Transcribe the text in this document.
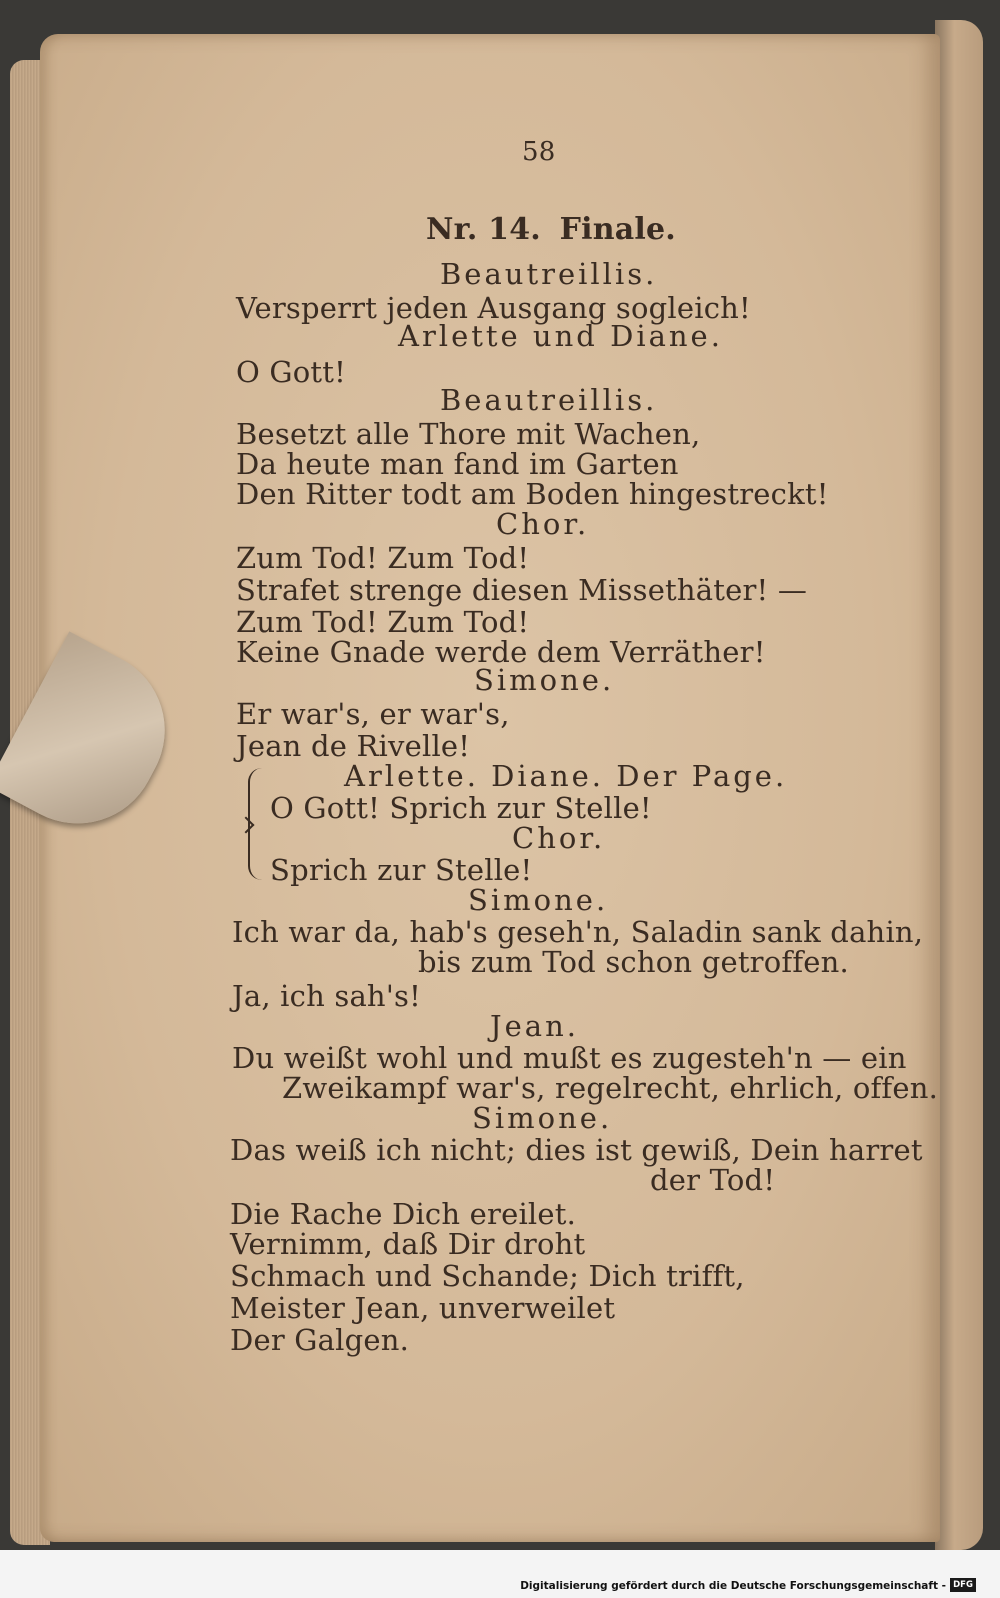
58
Nr. 14. Finale.
Beautreillis.
Versperrt jeden Ausgang sogleich!
Arlette und Diane.
O Gott!
Beautreillis.
Besetzt alle Thore mit Wachen,
Da heute man fand im Garten
Den Ritter todt am Boden hingestreckt!
Chor.
Zum Tod! Zum Tod!
Strafet strenge diesen Missethäter! —
Zum Tod! Zum Tod!
Keine Gnade werde dem Verräther!
Simone.
Er war's, er war's,
Jean de Rivelle!
Arlette. Diane. Der Page.
O Gott! Sprich zur Stelle!
Chor.
Sprich zur Stelle!
Simone.
Ich war da, hab's geseh'n, Saladin sank dahin,
bis zum Tod schon getroffen.
Ja, ich sah's!
Jean.
Du weißt wohl und mußt es zugesteh'n — ein
Zweikampf war's, regelrecht, ehrlich, offen.
Simone.
Das weiß ich nicht; dies ist gewiß, Dein harret
der Tod!
Die Rache Dich ereilet.
Vernimm, daß Dir droht
Schmach und Schande; Dich trifft,
Meister Jean, unverweilet
Der Galgen.
Digitalisierung gefördert durch die Deutsche Forschungsgemeinschaft - DFG
